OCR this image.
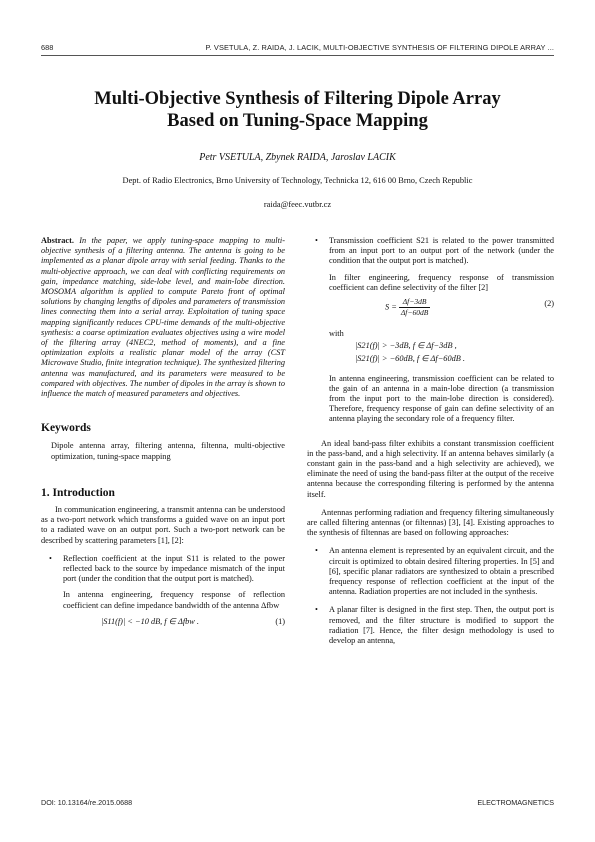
688	P. VSETULA, Z. RAIDA, J. LACIK, MULTI-OBJECTIVE SYNTHESIS OF FILTERING DIPOLE ARRAY ...
Multi-Objective Synthesis of Filtering Dipole Array
Based on Tuning-Space Mapping
Petr VSETULA, Zbynek RAIDA, Jaroslav LACIK
Dept. of Radio Electronics, Brno University of Technology, Technicka 12, 616 00 Brno, Czech Republic
raida@feec.vutbr.cz

Abstract. In the paper, we apply tuning-space mapping to multi-objective synthesis of a filtering antenna. The antenna is going to be implemented as a planar dipole array with serial feeding. Thanks to the multi-objective approach, we can deal with conflicting requirements on gain, impedance matching, side-lobe level, and main-lobe direction. MOSOMA algorithm is applied to compute Pareto front of optimal solutions by changing lengths of dipoles and parameters of transmission lines connecting them into a serial array. Exploitation of tuning space mapping significantly reduces CPU-time demands of the multi-objective synthesis: a coarse optimization evaluates objectives using a wire model of the filtering array (4NEC2, method of moments), and a fine optimization exploits a realistic planar model of the array (CST Microwave Studio, finite integration technique). The synthesized filtering antenna was manufactured, and its parameters were measured to be compared with objectives. The number of dipoles in the array is shown to influence the match of measured parameters and objectives.

Keywords

Dipole antenna array, filtering antenna, filtenna, multi-objective optimization, tuning-space mapping

1. Introduction

In communication engineering, a transmit antenna can be understood as a two-port network which transforms a guided wave on an input port to a radiated wave on an output port. Such a two-port network can be described by scattering parameters [1], [2]:

• Reflection coefficient at the input S11 is related to the power reflected back to the source by impedance mismatch of the input port (under the condition that the output port is matched).

In antenna engineering, frequency response of reflection coefficient can define impedance bandwidth of the antenna Δfbw

|S11(f)| < −10 dB, f ∈ Δfbw .	(1)
• Transmission coefficient S21 is related to the power transmitted from an input port to an output port of the network (under the condition that the output port is matched).

In filter engineering, frequency response of transmission coefficient can define selectivity of the filter [2]

$S = \frac{\Delta f-3dB}{\Delta f-60dB}$	(2)

with

|S21(f)| > −3dB, f ∈ Δf−3dB ,

|S21(f)| > −60dB, f ∈ Δf−60dB .

In antenna engineering, transmission coefficient can be related to the gain of an antenna in a main-lobe direction (a transmission from the input port to the main-lobe direction is considered). Therefore, frequency response of gain can define selectivity of an antenna playing the secondary role of a frequency filter.

An ideal band-pass filter exhibits a constant transmission coefficient in the pass-band, and a high selectivity. If an antenna behaves similarly (a constant gain in the pass-band and a high selectivity are achieved), we eliminate the need of using the band-pass filter at the output of the receive antenna because the corresponding filtering is performed by the antenna itself.

Antennas performing radiation and frequency filtering simultaneously are called filtering antennas (or filtennas) [3], [4]. Existing approaches to the synthesis of filtennas are based on following approaches:

• An antenna element is represented by an equivalent circuit, and the circuit is optimized to obtain desired filtering properties. In [5] and [6], specific planar radiators are synthesized to obtain a prescribed frequency response of reflection coefficient at the input of the antenna. Radiation properties are not included in the synthesis.
• A planar filter is designed in the first step. Then, the output port is removed, and the filter structure is modified to support the radiation [7]. Hence, the filter design methodology is used to develop an antenna,
DOI: 10.13164/re.2015.0688	ELECTROMAGNETICS
